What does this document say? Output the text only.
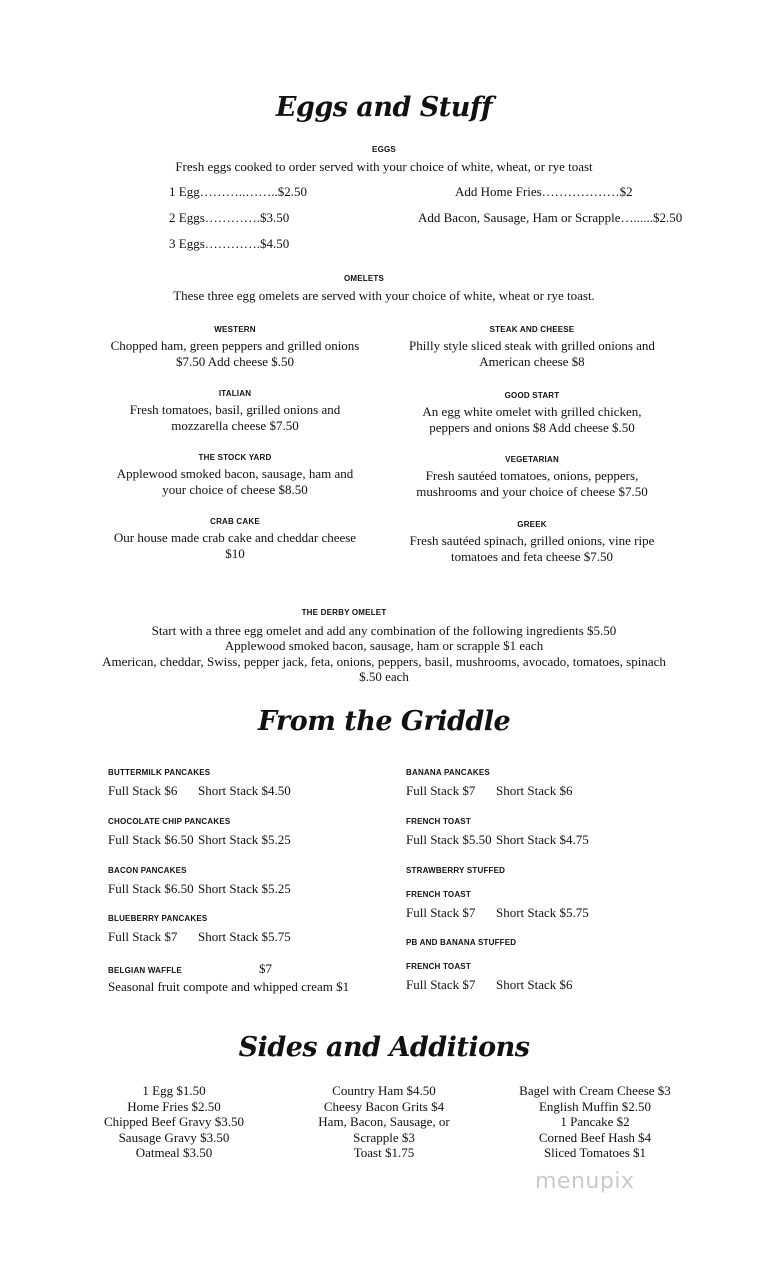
Eggs and Stuff
EGGS
Fresh eggs cooked to order served with your choice of white, wheat, or rye toast
1 Egg………..……..$2.50
2 Eggs………….$3.50
3 Eggs………….$4.50
Add Home Fries………………$2
Add Bacon, Sausage, Ham or Scrapple…......$2.50
OMELETS
These three egg omelets are served with your choice of white, wheat or rye toast.
WESTERN
Chopped ham, green peppers and grilled onions
$7.50 Add cheese $.50
ITALIAN
Fresh tomatoes, basil, grilled onions and
mozzarella cheese $7.50
THE STOCK YARD
Applewood smoked bacon, sausage, ham and
your choice of cheese $8.50
CRAB CAKE
Our house made crab cake and cheddar cheese
$10
STEAK AND CHEESE
Philly style sliced steak with grilled onions and
American cheese $8
GOOD START
An egg white omelet with grilled chicken,
peppers and onions $8 Add cheese $.50
VEGETARIAN
Fresh sautéed tomatoes, onions, peppers,
mushrooms and your choice of cheese $7.50
GREEK
Fresh sautéed spinach, grilled onions, vine ripe
tomatoes and feta cheese $7.50
THE DERBY OMELET
Start with a three egg omelet and add any combination of the following ingredients $5.50
Applewood smoked bacon, sausage, ham or scrapple $1 each
American, cheddar, Swiss, pepper jack, feta, onions, peppers, basil, mushrooms, avocado, tomatoes, spinach
$.50 each
From the Griddle
BUTTERMILK PANCAKES
Full Stack $6 Short Stack $4.50
CHOCOLATE CHIP PANCAKES
Full Stack $6.50 Short Stack $5.25
BACON PANCAKES
Full Stack $6.50 Short Stack $5.25
BLUEBERRY PANCAKES
Full Stack $7 Short Stack $5.75
BELGIAN WAFFLE	$7
Seasonal fruit compote and whipped cream $1
BANANA PANCAKES
Full Stack $7 Short Stack $6
FRENCH TOAST
Full Stack $5.50 Short Stack $4.75
STRAWBERRY STUFFED
FRENCH TOAST
Full Stack $7 Short Stack $5.75
PB AND BANANA STUFFED
FRENCH TOAST
Full Stack $7 Short Stack $6
Sides and Additions
1 Egg $1.50
Home Fries $2.50
Chipped Beef Gravy $3.50
Sausage Gravy $3.50
Oatmeal $3.50
Country Ham $4.50
Cheesy Bacon Grits $4
Ham, Bacon, Sausage, or
Scrapple $3
Toast $1.75
Bagel with Cream Cheese $3
English Muffin $2.50
1 Pancake $2
Corned Beef Hash $4
Sliced Tomatoes $1
menupix
